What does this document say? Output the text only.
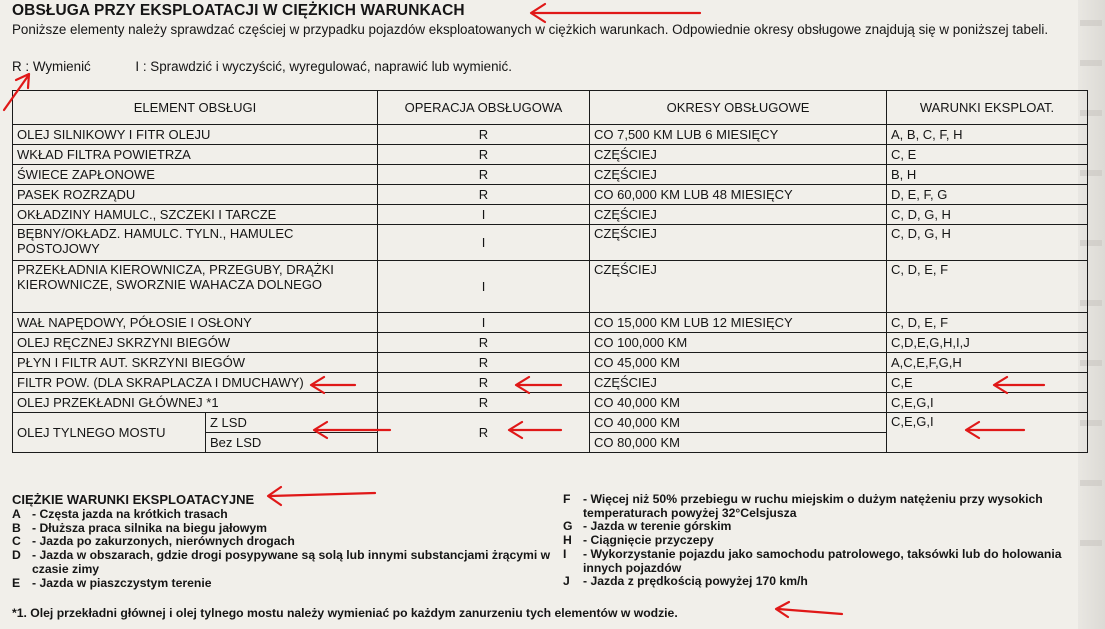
OBSŁUGA PRZY EKSPLOATACJI W CIĘŻKICH WARUNKACH
Poniższe elementy należy sprawdzać częściej w przypadku pojazdów eksploatowanych w ciężkich warunkach. Odpowiednie okresy obsługowe znajdują się w poniższej tabeli.
R : Wymienić	I : Sprawdzić i wyczyścić, wyregulować, naprawić lub wymienić.
ELEMENT OBSŁUGI		OPERACJA OBSŁUGOWA	OKRESY OBSŁUGOWE	WARUNKI EKSPLOAT.
OLEJ SILNIKOWY I FITR OLEJU		R	CO 7,500 KM LUB 6 MIESIĘCY	A, B, C, F, H
WKŁAD FILTRA POWIETRZA		R	CZĘŚCIEJ	C, E
ŚWIECE ZAPŁONOWE		R	CZĘŚCIEJ	B, H
PASEK ROZRZĄDU		R	CO 60,000 KM LUB 48 MIESIĘCY	D, E, F, G
OKŁADZINY HAMULC., SZCZEKI I TARCZE		I	CZĘŚCIEJ	C, D, G, H
BĘBNY/OKŁADZ. HAMULC. TYLN., HAMULEC POSTOJOWY		I	CZĘŚCIEJ	C, D, G, H
PRZEKŁADNIA KIEROWNICZA, PRZEGUBY, DRĄŻKI KIEROWNICZE, SWORZNIE WAHACZA DOLNEGO		I	CZĘŚCIEJ	C, D, E, F
WAŁ NAPĘDOWY, PÓŁOSIE I OSŁONY		I	CO 15,000 KM LUB 12 MIESIĘCY	C, D, E, F
OLEJ RĘCZNEJ SKRZYNI BIEGÓW		R	CO 100,000 KM	C,D,E,G,H,I,J
PŁYN I FILTR AUT. SKRZYNI BIEGÓW		R	CO 45,000 KM	A,C,E,F,G,H
FILTR POW. (DLA SKRAPLACZA I DMUCHAWY)		R	CZĘŚCIEJ	C,E
OLEJ PRZEKŁADNI GŁÓWNEJ *1		R	CO 40,000 KM	C,E,G,I
OLEJ TYLNEGO MOSTU	Z LSD	R	CO 40,000 KM	C,E,G,I
	Bez LSD		CO 80,000 KM	
CIĘŻKIE WARUNKI EKSPLOATACYJNE
A - Częsta jazda na krótkich trasach
B - Dłuższa praca silnika na biegu jałowym
C - Jazda po zakurzonych, nierównych drogach
D - Jazda w obszarach, gdzie drogi posypywane są solą lub innymi substancjami żrącymi w czasie zimy
E - Jazda w piaszczystym terenie
F	- Więcej niż 50% przebiegu w ruchu miejskim o dużym natężeniu przy wysokich temperaturach powyżej 32°Celsjusza
G - Jazda w terenie górskim
H - Ciągnięcie przyczepy
I	- Wykorzystanie pojazdu jako samochodu patrolowego, taksówki lub do holowania innych pojazdów
J	- Jazda z prędkością powyżej 170 km/h
*1. Olej przekładni głównej i olej tylnego mostu należy wymieniać po każdym zanurzeniu tych elementów w wodzie.
